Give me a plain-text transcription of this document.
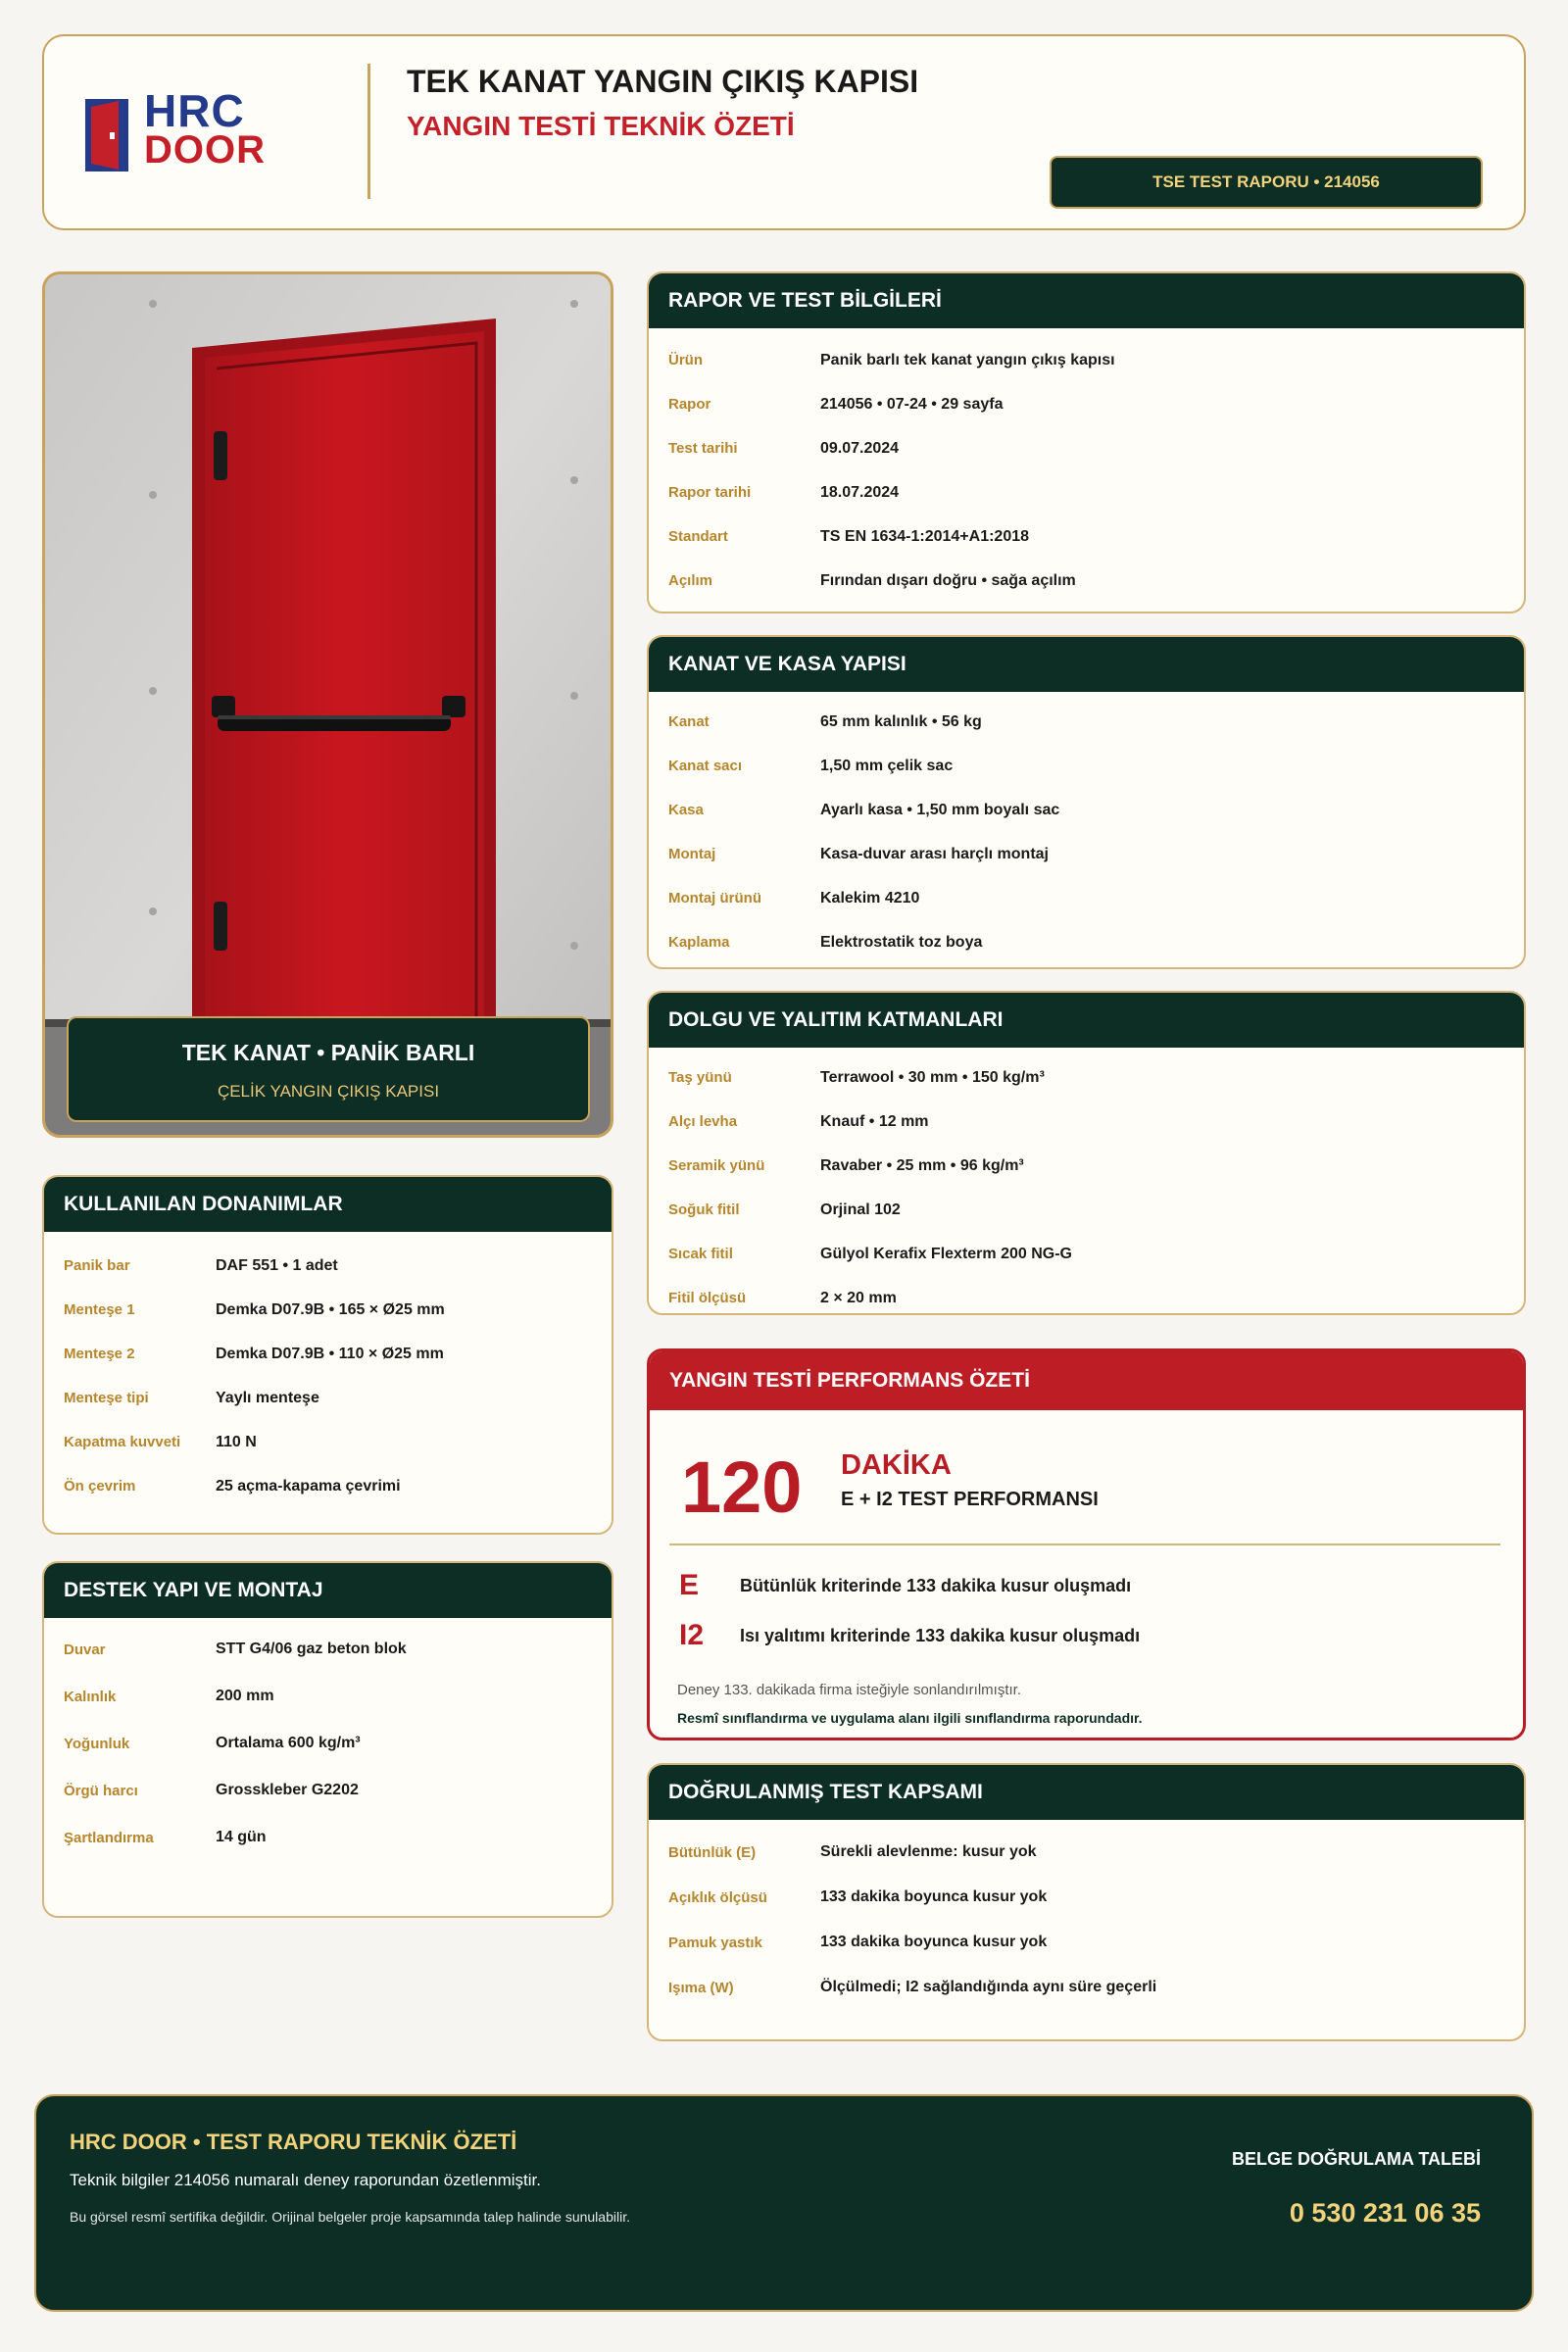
HRC
DOOR
TEK KANAT YANGIN ÇIKIŞ KAPISI
YANGIN TESTİ TEKNİK ÖZETİ
TSE TEST RAPORU • 214056
TEK KANAT • PANİK BARLI
ÇELİK YANGIN ÇIKIŞ KAPISI
KULLANILAN DONANIMLAR
Panik bar	DAF 551 • 1 adet
Menteşe 1	Demka D07.9B • 165 × Ø25 mm
Menteşe 2	Demka D07.9B • 110 × Ø25 mm
Menteşe tipi	Yaylı menteşe
Kapatma kuvveti	110 N
Ön çevrim	25 açma-kapama çevrimi
DESTEK YAPI VE MONTAJ
Duvar	STT G4/06 gaz beton blok
Kalınlık	200 mm
Yoğunluk	Ortalama 600 kg/m³
Örgü harcı	Grosskleber G2202
Şartlandırma	14 gün
RAPOR VE TEST BİLGİLERİ
Ürün	Panik barlı tek kanat yangın çıkış kapısı
Rapor	214056 • 07-24 • 29 sayfa
Test tarihi	09.07.2024
Rapor tarihi	18.07.2024
Standart	TS EN 1634-1:2014+A1:2018
Açılım	Fırından dışarı doğru • sağa açılım
KANAT VE KASA YAPISI
Kanat	65 mm kalınlık • 56 kg
Kanat sacı	1,50 mm çelik sac
Kasa	Ayarlı kasa • 1,50 mm boyalı sac
Montaj	Kasa-duvar arası harçlı montaj
Montaj ürünü	Kalekim 4210
Kaplama	Elektrostatik toz boya
DOLGU VE YALITIM KATMANLARI
Taş yünü	Terrawool • 30 mm • 150 kg/m³
Alçı levha	Knauf • 12 mm
Seramik yünü	Ravaber • 25 mm • 96 kg/m³
Soğuk fitil	Orjinal 102
Sıcak fitil	Gülyol Kerafix Flexterm 200 NG-G
Fitil ölçüsü	2 × 20 mm
YANGIN TESTİ PERFORMANS ÖZETİ
120 DAKİKA
E + I2 TEST PERFORMANSI
E	Bütünlük kriterinde 133 dakika kusur oluşmadı
I2	Isı yalıtımı kriterinde 133 dakika kusur oluşmadı
Deney 133. dakikada firma isteğiyle sonlandırılmıştır.
Resmî sınıflandırma ve uygulama alanı ilgili sınıflandırma raporundadır.
DOĞRULANMIŞ TEST KAPSAMI
Bütünlük (E)	Sürekli alevlenme: kusur yok
Açıklık ölçüsü	133 dakika boyunca kusur yok
Pamuk yastık	133 dakika boyunca kusur yok
Işıma (W)	Ölçülmedi; I2 sağlandığında aynı süre geçerli
HRC DOOR • TEST RAPORU TEKNİK ÖZETİ
Teknik bilgiler 214056 numaralı deney raporundan özetlenmiştir.
Bu görsel resmî sertifika değildir. Orijinal belgeler proje kapsamında talep halinde sunulabilir.
BELGE DOĞRULAMA TALEBİ
0 530 231 06 35
